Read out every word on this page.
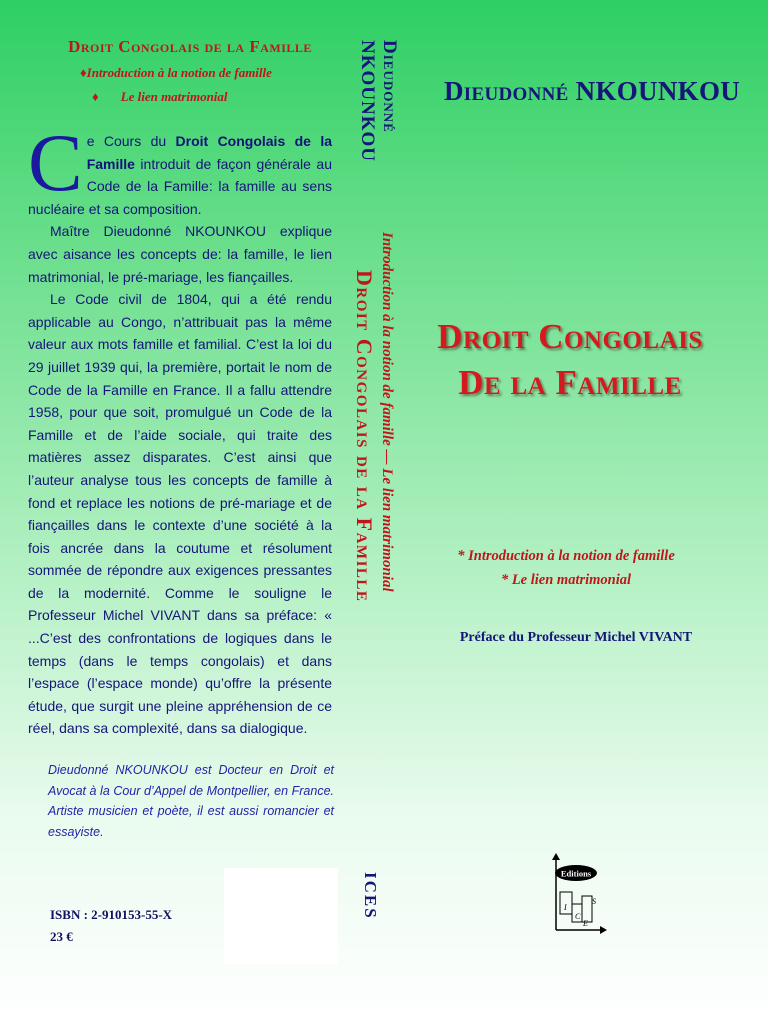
Droit Congolais de la Famille
♦Introduction à la notion de famille
♦ Le lien matrimonial
C e Cours du Droit Congolais de la Famille introduit de façon générale au Code de la Famille: la famille au sens nucléaire et sa composition.

Maître Dieudonné NKOUNKOU explique avec aisance les concepts de: la famille, le lien matrimonial, le pré-mariage, les fiançailles.

Le Code civil de 1804, qui a été rendu applicable au Congo, n’attribuait pas la même valeur aux mots famille et familial. C’est la loi du 29 juillet 1939 qui, la première, portait le nom de Code de la Famille en France. Il a fallu attendre 1958, pour que soit, promulgué un Code de la Famille et de l’aide sociale, qui traite des matières assez disparates. C’est ainsi que l’auteur analyse tous les concepts de famille à fond et replace les notions de pré-mariage et de fiançailles dans le contexte d’une société à la fois ancrée dans la coutume et résolument sommée de répondre aux exigences pressantes de la modernité. Comme le souligne le Professeur Michel VIVANT dans sa préface: « ...C’est des confrontations de logiques dans le temps (dans le temps congolais) et dans l’espace (l’espace monde) qu’offre la présente étude, que surgit une pleine appréhension de ce réel, dans sa complexité, dans sa dialogique.

Dieudonné NKOUNKOU est Docteur en Droit et Avocat à la Cour d’Appel de Montpellier, en France. Artiste musicien et poète, il est aussi romancier et essayiste.
ISBN : 2-910153-55-X
23 €
Dieudonné
NKOUNKOU
Droit Congolais de la Famille Introduction à la notion de famille — Le lien matrimonial
ICES
Dieudonné NKOUNKOU
Droit Congolais
De la Famille
* Introduction à la notion de famille
* Le lien matrimonial
Préface du Professeur Michel VIVANT
Editions
I
C
E
S
